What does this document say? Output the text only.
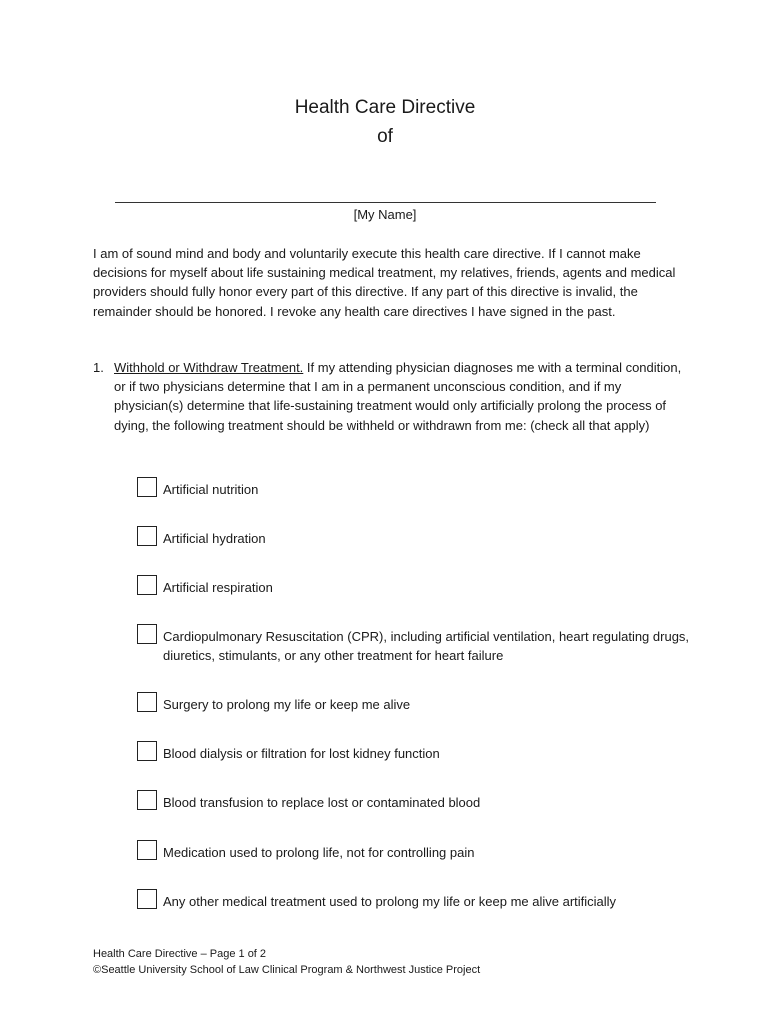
Health Care Directive
of
[My Name]

I am of sound mind and body and voluntarily execute this health care directive. If I cannot make decisions for myself about life sustaining medical treatment, my relatives, friends, agents and medical providers should fully honor every part of this directive. If any part of this directive is invalid, the remainder should be honored. I revoke any health care directives I have signed in the past.

1. Withhold or Withdraw Treatment. If my attending physician diagnoses me with a terminal condition, or if two physicians determine that I am in a permanent unconscious condition, and if my physician(s) determine that life-sustaining treatment would only artificially prolong the process of dying, the following treatment should be withheld or withdrawn from me: (check all that apply)

Artificial nutrition
Artificial hydration
Artificial respiration
Cardiopulmonary Resuscitation (CPR), including artificial ventilation, heart regulating drugs, diuretics, stimulants, or any other treatment for heart failure
Surgery to prolong my life or keep me alive
Blood dialysis or filtration for lost kidney function
Blood transfusion to replace lost or contaminated blood
Medication used to prolong life, not for controlling pain
Any other medical treatment used to prolong my life or keep me alive artificially
Health Care Directive – Page 1 of 2
©Seattle University School of Law Clinical Program & Northwest Justice Project
